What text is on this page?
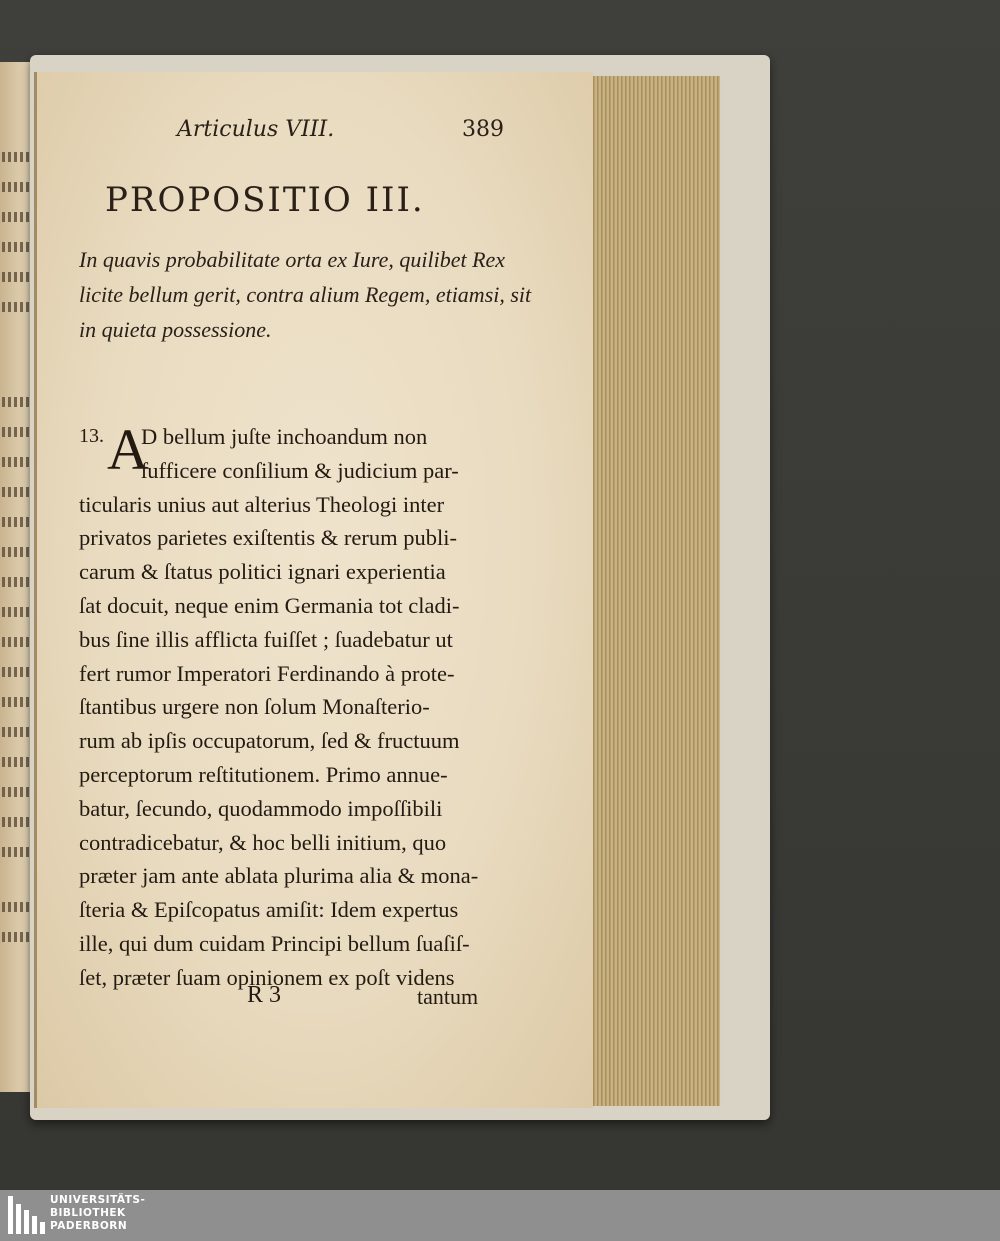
Articulus VIII.	389
PROPOSITIO III.
In quavis probabilitate orta ex Iure, quilibet Rex licite bellum gerit, contra alium Regem, etiamsi, sit in quieta possessione.
13. A
D bellum juſte inchoandum non
ſufficere conſilium & judicium par-
ticularis unius aut alterius Theologi inter
privatos parietes exiſtentis & rerum publi-
carum & ſtatus politici ignari experientia
ſat docuit, neque enim Germania tot cladi-
bus ſine illis afflicta fuiſſet ; ſuadebatur ut
fert rumor Imperatori Ferdinando à prote-
ſtantibus urgere non ſolum Monaſterio-
rum ab ipſis occupatorum, ſed & fructuum
perceptorum reſtitutionem. Primo annue-
batur, ſecundo, quodammodo impoſſibili
contradicebatur, & hoc belli initium, quo
præter jam ante ablata plurima alia & mona-
ſteria & Epiſcopatus amiſit: Idem expertus
ille, qui dum cuidam Principi bellum ſuaſiſ-
ſet, præter ſuam opinionem ex poſt videns
R 3	tantum
UNIVERSITÄTS-
BIBLIOTHEK
PADERBORN
